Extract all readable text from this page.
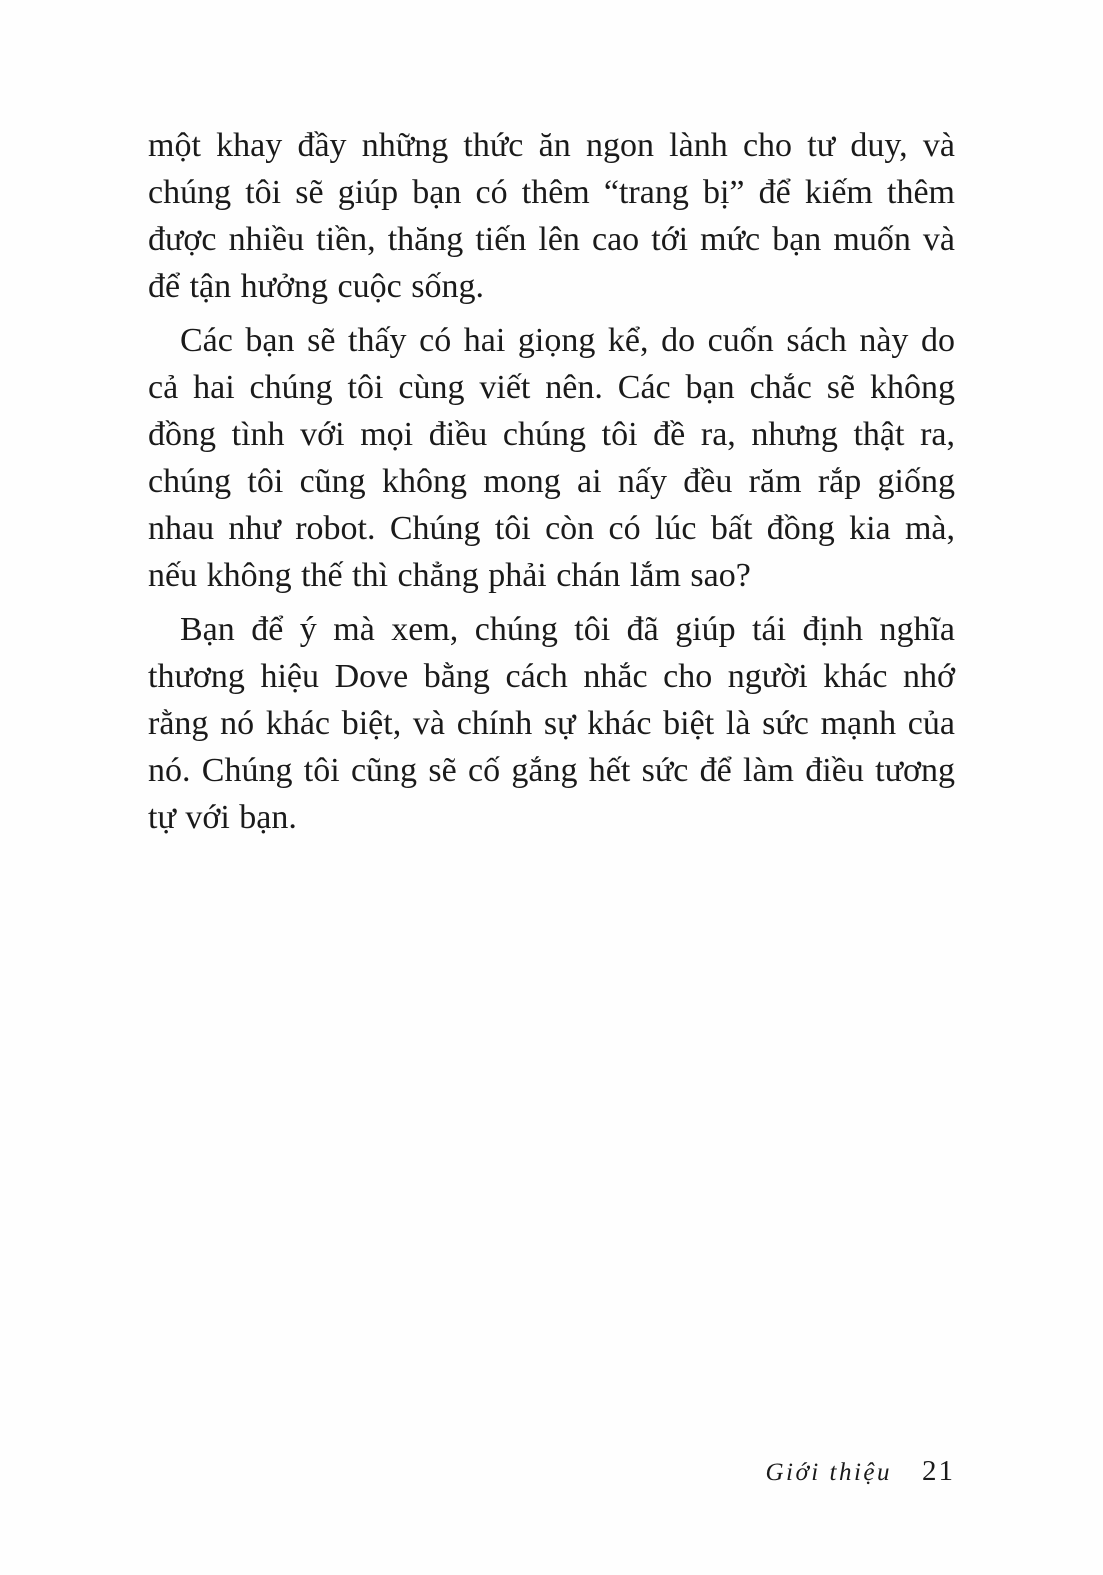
một khay đầy những thức ăn ngon lành cho tư duy, và chúng tôi sẽ giúp bạn có thêm “trang bị” để kiếm thêm được nhiều tiền, thăng tiến lên cao tới mức bạn muốn và để tận hưởng cuộc sống.

Các bạn sẽ thấy có hai giọng kể, do cuốn sách này do cả hai chúng tôi cùng viết nên. Các bạn chắc sẽ không đồng tình với mọi điều chúng tôi đề ra, nhưng thật ra, chúng tôi cũng không mong ai nấy đều răm rắp giống nhau như robot. Chúng tôi còn có lúc bất đồng kia mà, nếu không thế thì chẳng phải chán lắm sao?

Bạn để ý mà xem, chúng tôi đã giúp tái định nghĩa thương hiệu Dove bằng cách nhắc cho người khác nhớ rằng nó khác biệt, và chính sự khác biệt là sức mạnh của nó. Chúng tôi cũng sẽ cố gắng hết sức để làm điều tương tự với bạn.

Giới thiệu 21
